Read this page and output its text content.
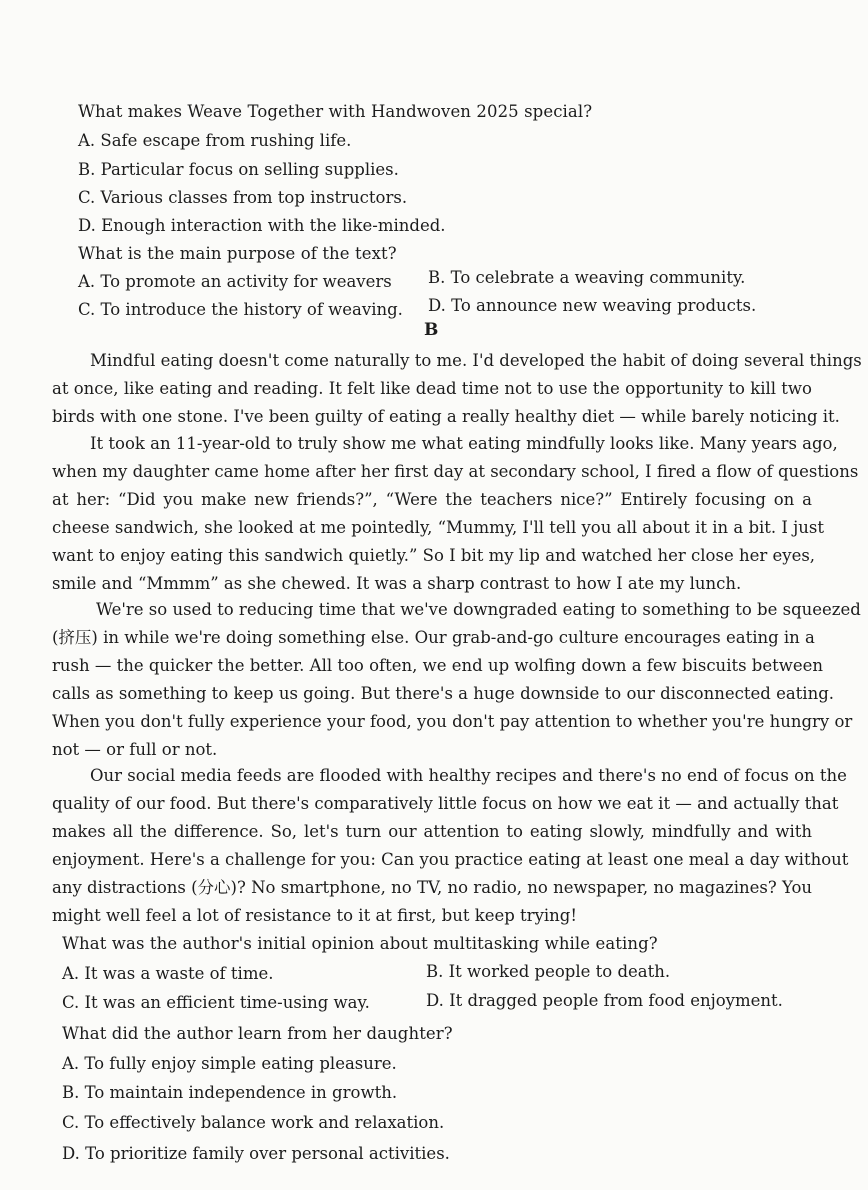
What makes Weave Together with Handwoven 2025 special?
A. Safe escape from rushing life.
B. Particular focus on selling supplies.
C. Various classes from top instructors.
D. Enough interaction with the like-minded.
What is the main purpose of the text?
A. To promote an activity for weavers B. To celebrate a weaving community.
C. To introduce the history of weaving. D. To announce new weaving products.
B
Mindful eating doesn't come naturally to me. I'd developed the habit of doing several things
at once, like eating and reading. It felt like dead time not to use the opportunity to kill two
birds with one stone. I've been guilty of eating a really healthy diet — while barely noticing it.
It took an 11-year-old to truly show me what eating mindfully looks like. Many years ago,
when my daughter came home after her first day at secondary school, I fired a flow of questions
at her: “Did you make new friends?”, “Were the teachers nice?” Entirely focusing on a
cheese sandwich, she looked at me pointedly, “Mummy, I'll tell you all about it in a bit. I just
want to enjoy eating this sandwich quietly.” So I bit my lip and watched her close her eyes,
smile and “Mmmm” as she chewed. It was a sharp contrast to how I ate my lunch.
We're so used to reducing time that we've downgraded eating to something to be squeezed
(挤压) in while we're doing something else. Our grab-and-go culture encourages eating in a
rush — the quicker the better. All too often, we end up wolfing down a few biscuits between
calls as something to keep us going. But there's a huge downside to our disconnected eating.
When you don't fully experience your food, you don't pay attention to whether you're hungry or
not — or full or not.
Our social media feeds are flooded with healthy recipes and there's no end of focus on the
quality of our food. But there's comparatively little focus on how we eat it — and actually that
makes all the difference. So, let's turn our attention to eating slowly, mindfully and with
enjoyment. Here's a challenge for you: Can you practice eating at least one meal a day without
any distractions (分心)? No smartphone, no TV, no radio, no newspaper, no magazines? You
might well feel a lot of resistance to it at first, but keep trying!
What was the author's initial opinion about multitasking while eating?
A. It was a waste of time.	B. It worked people to death.
C. It was an efficient time-using way.	D. It dragged people from food enjoyment.
What did the author learn from her daughter?
A. To fully enjoy simple eating pleasure.
B. To maintain independence in growth.
C. To effectively balance work and relaxation.
D. To prioritize family over personal activities.
